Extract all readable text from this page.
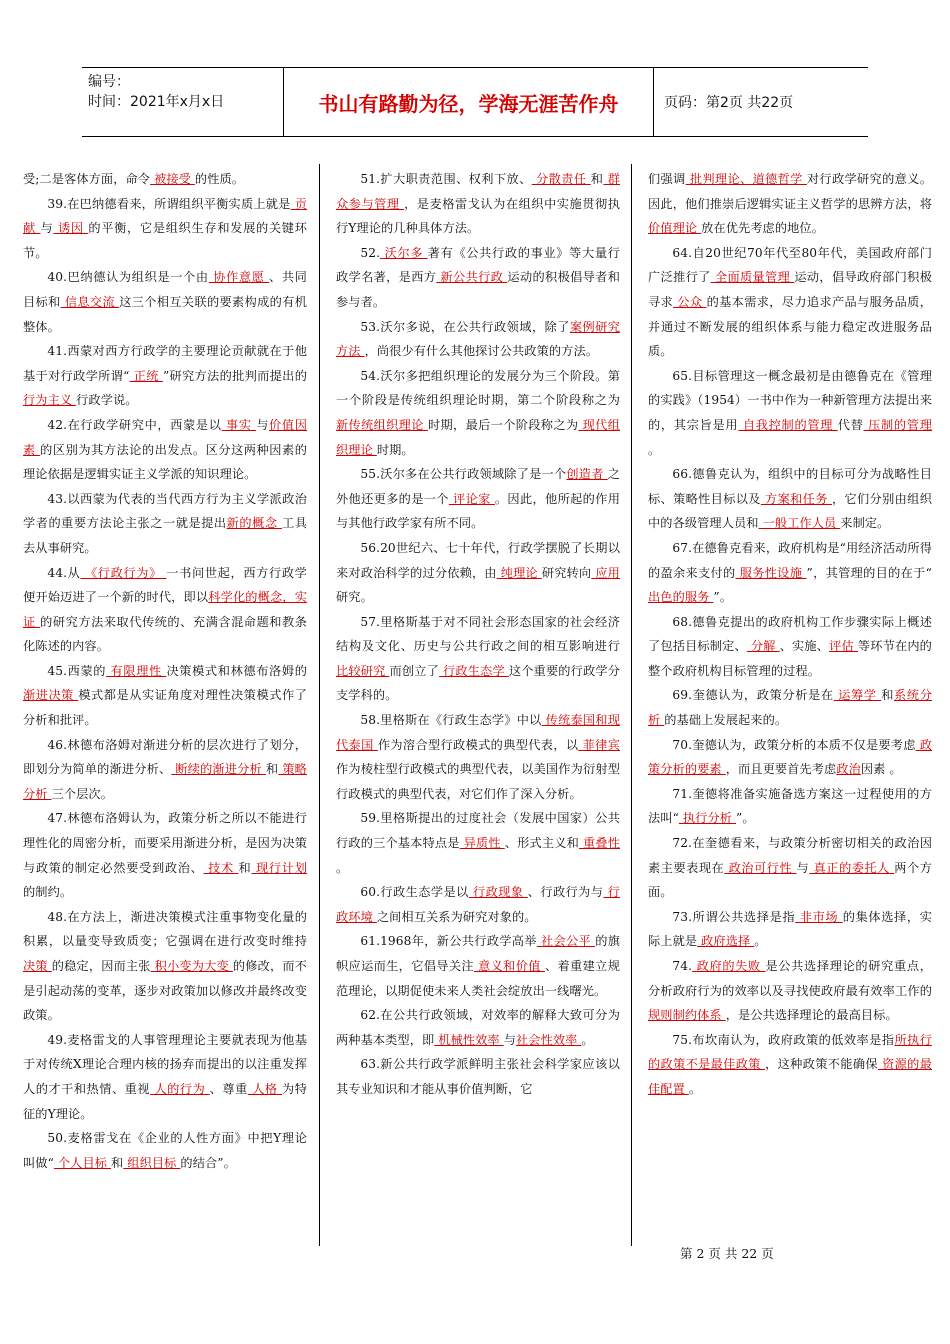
编号：
时间：2021年x月x日	书山有路勤为径，学海无涯苦作舟	页码：第2页 共22页

受;二是客体方面，命令 被接受 的性质。

39.在巴纳德看来，所谓组织平衡实质上就是 贡献 与 诱因 的平衡，它是组织生存和发展的关键环节。

40.巴纳德认为组织是一个由 协作意愿 、共同目标和 信息交流 这三个相互关联的要素构成的有机整体。

41.西蒙对西方行政学的主要理论贡献就在于他基于对行政学所谓“ 正统 ”研究方法的批判而提出的 行为主义 行政学说。

42.在行政学研究中，西蒙是以 事实 与价值因素 的区别为其方法论的出发点。区分这两种因素的理论依据是逻辑实证主义学派的知识理论。

43.以西蒙为代表的当代西方行为主义学派政治学者的重要方法论主张之一就是提出新的概念 工具去从事研究。

44.从 《行政行为》 一书问世起，西方行政学便开始迈进了一个新的时代，即以科学化的概念，实证 的研究方法来取代传统的、充满含混命题和教条化陈述的内容。

45.西蒙的 有限理性 决策模式和林德布洛姆的 渐进决策 模式都是从实证角度对理性决策模式作了分析和批评。

46.林德布洛姆对渐进分析的层次进行了划分，即划分为简单的渐进分析、 断续的渐进分析 和 策略分析 三个层次。

47.林德布洛姆认为，政策分析之所以不能进行理性化的周密分析，而要采用渐进分析，是因为决策与政策的制定必然要受到政治、 技术 和 现行计划 的制约。

48.在方法上，渐进决策模式注重事物变化量的积累，以量变导致质变；它强调在进行改变时维持 决策 的稳定，因而主张 积小变为大变 的修改，而不是引起动荡的变革，逐步对政策加以修改并最终改变政策。

49.麦格雷戈的人事管理理论主要就表现为他基于对传统X理论合理内核的扬弃而提出的以注重发挥人的才干和热情、重视 人的行为 、尊重 人格 为特征的Y理论。

50.麦格雷戈在《企业的人性方面》中把Y理论叫做“ 个人目标 和 组织目标 的结合”。

51.扩大职责范围、权利下放、 分散责任 和 群众参与管理 ，是麦格雷戈认为在组织中实施贯彻执行Y理论的几种具体方法。

52. 沃尔多 著有《公共行政的事业》等大量行政学名著，是西方 新公共行政 运动的积极倡导者和参与者。

53.沃尔多说，在公共行政领域，除了案例研究方法 ，尚很少有什么其他探讨公共政策的方法。

54.沃尔多把组织理论的发展分为三个阶段。第一个阶段是传统组织理论时期，第二个阶段称之为 新传统组织理论 时期，最后一个阶段称之为 现代组织理论 时期。

55.沃尔多在公共行政领域除了是一个创造者 之外他还更多的是一个 评论家 。因此，他所起的作用与其他行政学家有所不同。

56.20世纪六、七十年代，行政学摆脱了长期以来对政治科学的过分依赖，由 纯理论 研究转向 应用 研究。

57.里格斯基于对不同社会形态国家的社会经济结构及文化、历史与公共行政之间的相互影响进行 比较研究 而创立了 行政生态学 这个重要的行政学分支学科的。

58.里格斯在《行政生态学》中以 传统泰国和现代泰国 作为溶合型行政模式的典型代表，以 菲律宾 作为棱柱型行政模式的典型代表，以美国作为衍射型行政模式的典型代表，对它们作了深入分析。

59.里格斯提出的过度社会（发展中国家）公共行政的三个基本特点是 异质性 、形式主义和 重叠性 。

60.行政生态学是以 行政现象 、行政行为与 行政环境 之间相互关系为研究对象的。

61.1968年，新公共行政学高举 社会公平 的旗帜应运而生，它倡导关注 意义和价值 、着重建立规范理论，以期促使未来人类社会绽放出一线曙光。

62.在公共行政领域，对效率的解释大致可分为两种基本类型，即 机械性效率 与社会性效率 。

63.新公共行政学派鲜明主张社会科学家应该以其专业知识和才能从事价值判断，它

们强调 批判理论、道德哲学 对行政学研究的意义。因此，他们推崇后逻辑实证主义哲学的思辨方法，将 价值理论 放在优先考虑的地位。

64.自20世纪70年代至80年代，美国政府部门广泛推行了 全面质量管理 运动，倡导政府部门积极寻求 公众 的基本需求，尽力追求产品与服务品质，并通过不断发展的组织体系与能力稳定改进服务品质。

65.目标管理这一概念最初是由德鲁克在《管理的实践》（1954）一书中作为一种新管理方法提出来的，其宗旨是用 自我控制的管理 代替 压制的管理 。

66.德鲁克认为，组织中的目标可分为战略性目标、策略性目标以及 方案和任务 ，它们分别由组织中的各级管理人员和 一般工作人员 来制定。

67.在德鲁克看来，政府机构是“用经济活动所得的盈余来支付的 服务性设施 ”，其管理的目的在于“ 出色的服务 ”。

68.德鲁克提出的政府机构工作步骤实际上概述了包括目标制定、 分解 、实施、评估 等环节在内的整个政府机构目标管理的过程。

69.奎德认为，政策分析是在 运筹学 和系统分析 的基础上发展起来的。

70.奎德认为，政策分析的本质不仅是要考虑 政策分析的要素 ，而且更要首先考虑政治因素 。

71.奎德将准备实施备选方案这一过程使用的方法叫“ 执行分析 ”。

72.在奎德看来，与政策分析密切相关的政治因素主要表现在 政治可行性 与 真正的委托人 两个方面。

73.所谓公共选择是指 非市场 的集体选择，实际上就是 政府选择 。

74. 政府的失败 是公共选择理论的研究重点，分析政府行为的效率以及寻找使政府最有效率工作的 规则制约体系 ，是公共选择理论的最高目标。

75.布坎南认为，政府政策的低效率是指所执行的政策不是最佳政策 ，这种政策不能确保 资源的最佳配置 。

第 2 页 共 22 页
